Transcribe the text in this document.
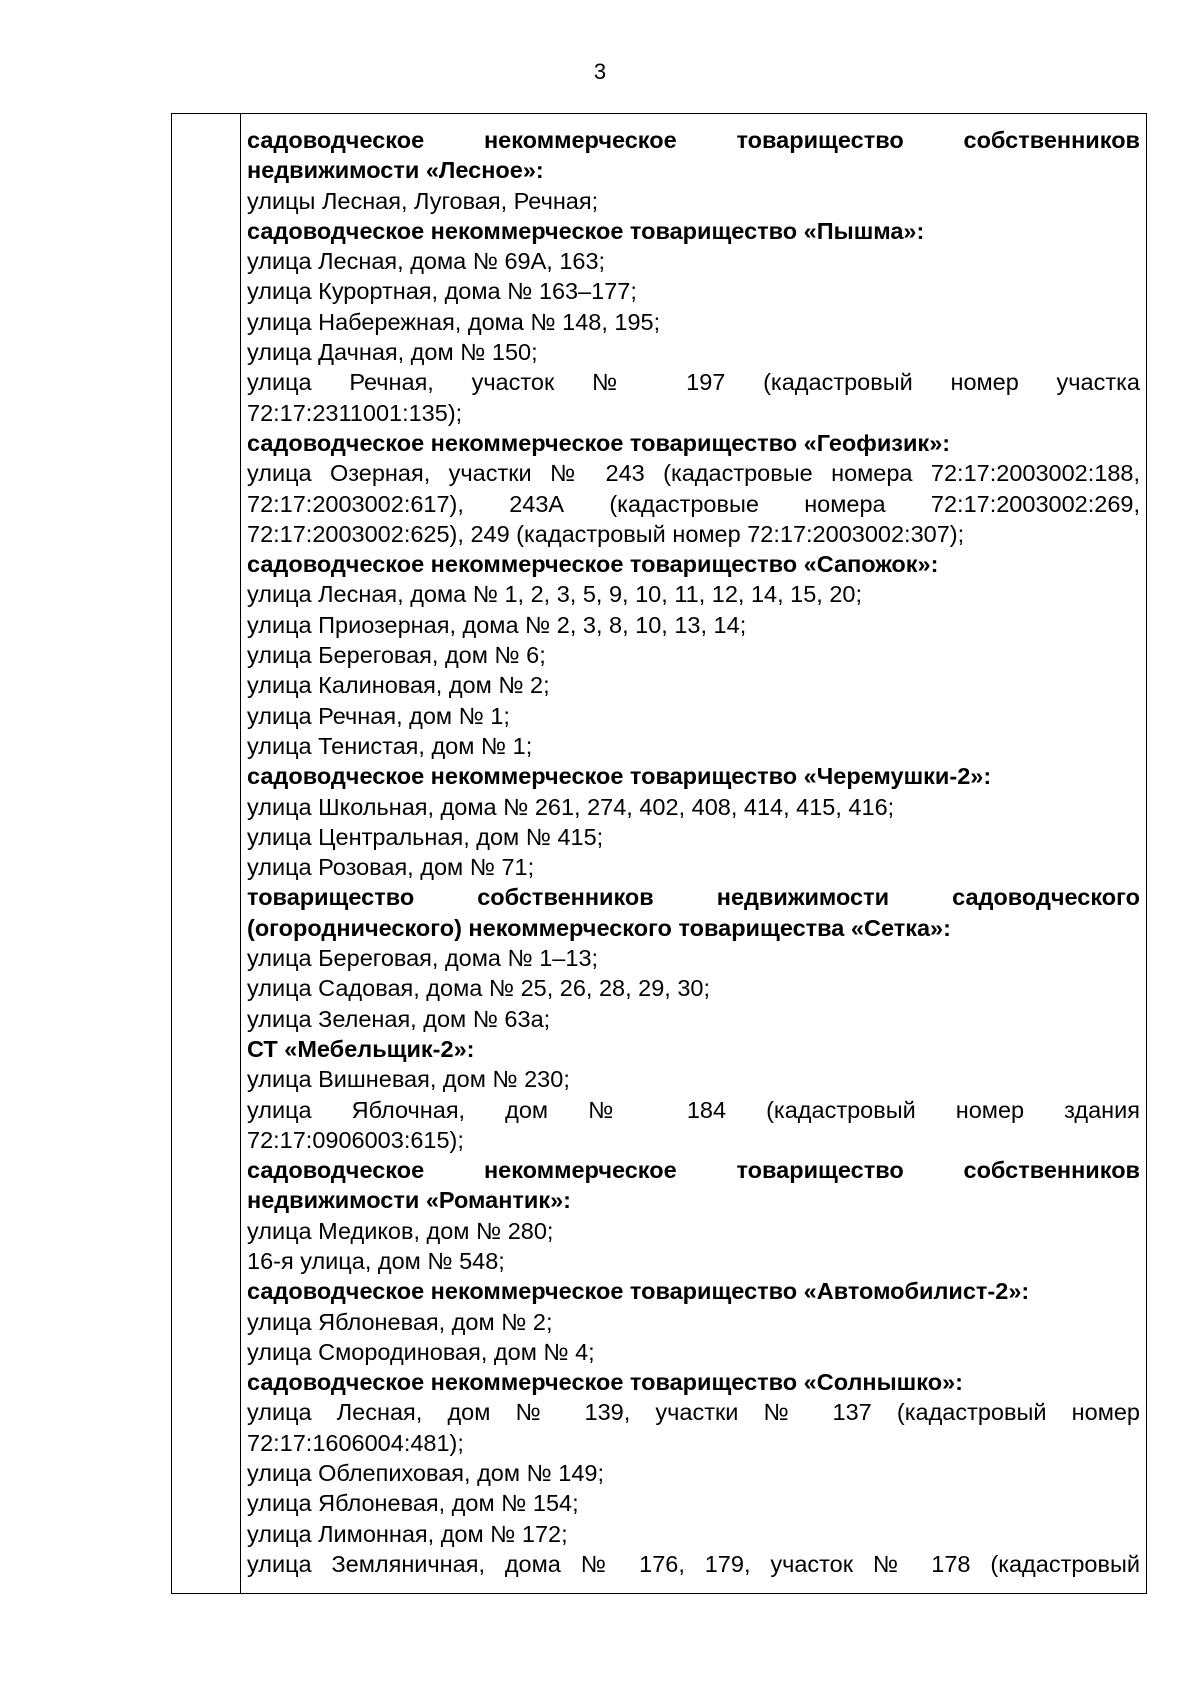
3
садоводческое некоммерческое товарищество собственников
недвижимости «Лесное»:
улицы Лесная, Луговая, Речная;
садоводческое некоммерческое товарищество «Пышма»:
улица Лесная, дома № 69А, 163;
улица Курортная, дома № 163–177;
улица Набережная, дома № 148, 195;
улица Дачная, дом № 150;
улица Речная, участок № 197 (кадастровый номер участка
72:17:2311001:135);
садоводческое некоммерческое товарищество «Геофизик»:
улица Озерная, участки № 243 (кадастровые номера 72:17:2003002:188,
72:17:2003002:617), 243А (кадастровые номера 72:17:2003002:269,
72:17:2003002:625), 249 (кадастровый номер 72:17:2003002:307);
садоводческое некоммерческое товарищество «Сапожок»:
улица Лесная, дома № 1, 2, 3, 5, 9, 10, 11, 12, 14, 15, 20;
улица Приозерная, дома № 2, 3, 8, 10, 13, 14;
улица Береговая, дом № 6;
улица Калиновая, дом № 2;
улица Речная, дом № 1;
улица Тенистая, дом № 1;
садоводческое некоммерческое товарищество «Черемушки-2»:
улица Школьная, дома № 261, 274, 402, 408, 414, 415, 416;
улица Центральная, дом № 415;
улица Розовая, дом № 71;
товарищество собственников недвижимости садоводческого
(огороднического) некоммерческого товарищества «Сетка»:
улица Береговая, дома № 1–13;
улица Садовая, дома № 25, 26, 28, 29, 30;
улица Зеленая, дом № 63а;
СТ «Мебельщик-2»:
улица Вишневая, дом № 230;
улица Яблочная, дом № 184 (кадастровый номер здания
72:17:0906003:615);
садоводческое некоммерческое товарищество собственников
недвижимости «Романтик»:
улица Медиков, дом № 280;
16-я улица, дом № 548;
садоводческое некоммерческое товарищество «Автомобилист-2»:
улица Яблоневая, дом № 2;
улица Смородиновая, дом № 4;
садоводческое некоммерческое товарищество «Солнышко»:
улица Лесная, дом № 139, участки № 137 (кадастровый номер
72:17:1606004:481);
улица Облепиховая, дом № 149;
улица Яблоневая, дом № 154;
улица Лимонная, дом № 172;
улица Земляничная, дома № 176, 179, участок № 178 (кадастровый
